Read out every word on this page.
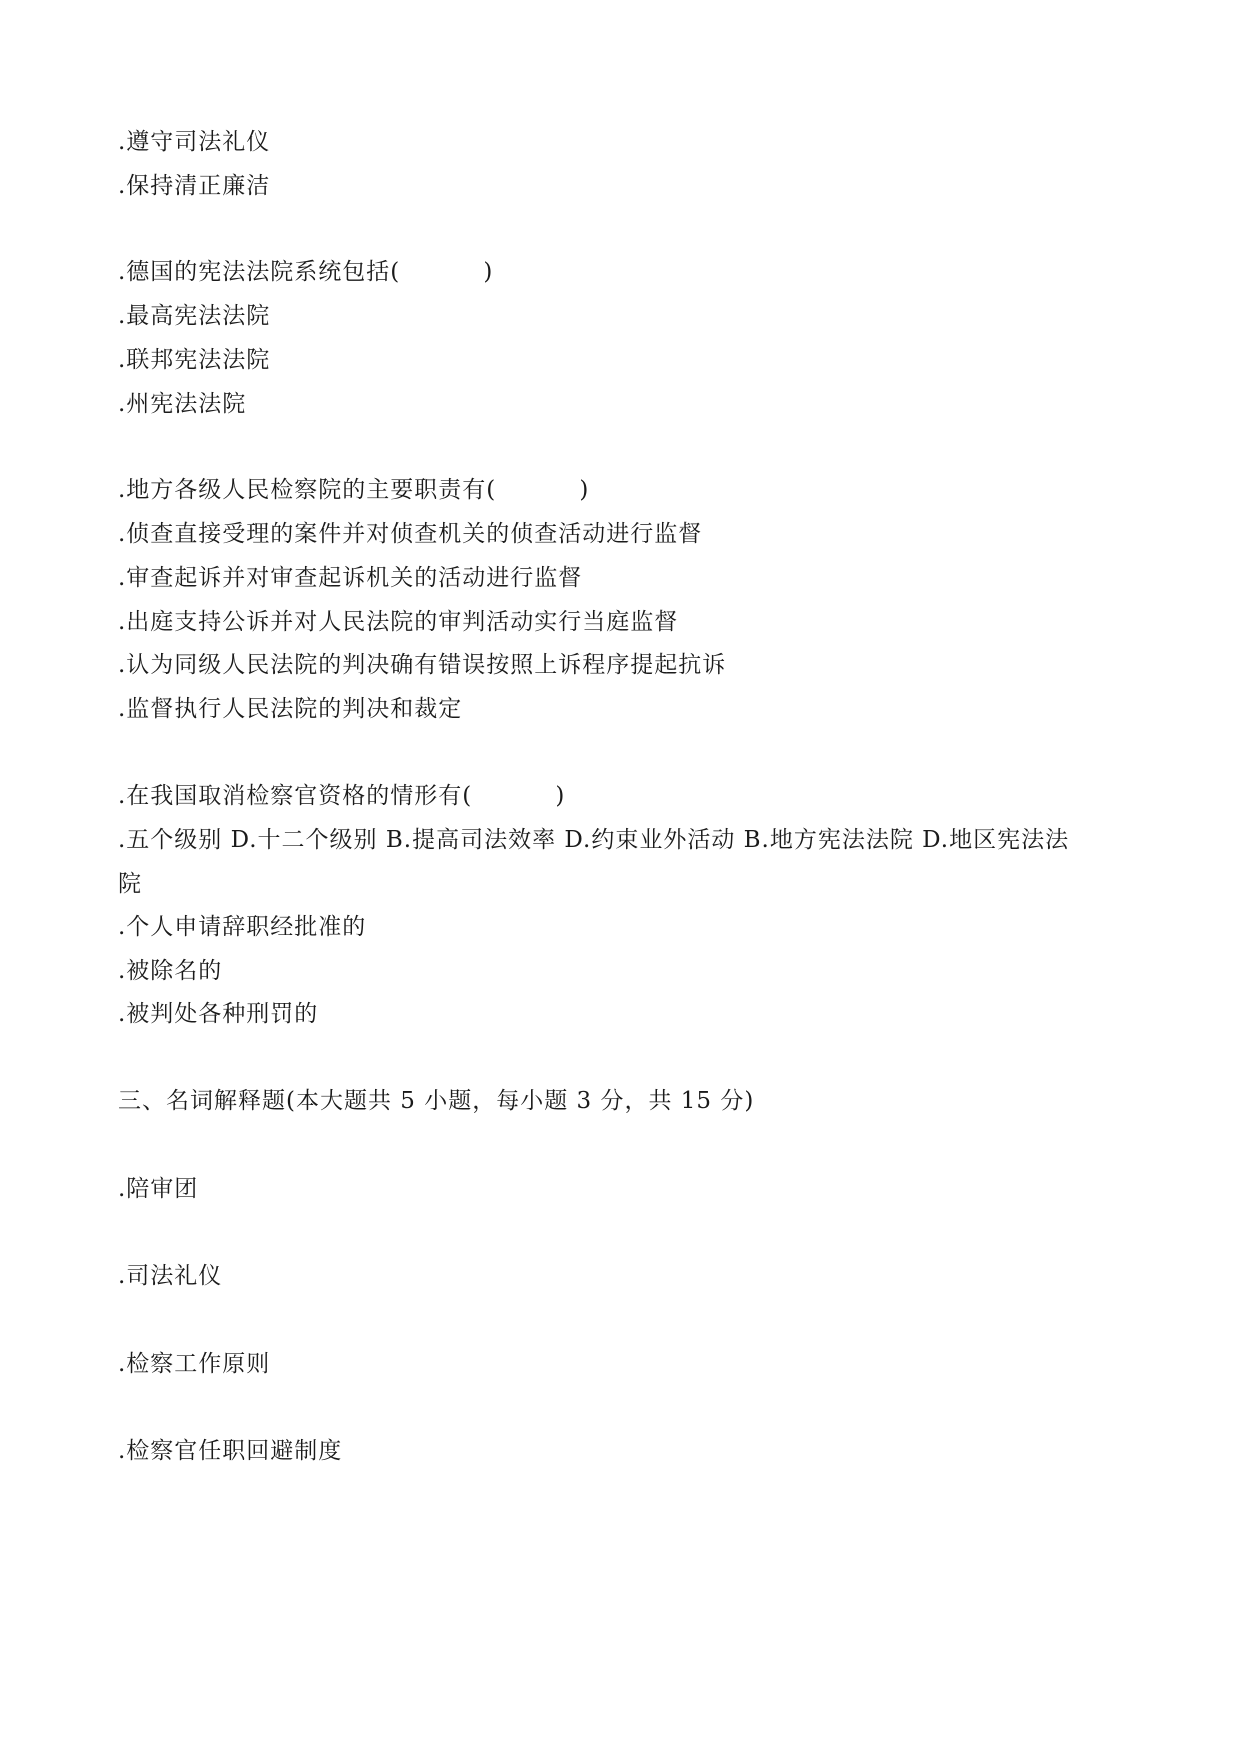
.遵守司法礼仪
.保持清正廉洁
.德国的宪法法院系统包括(          )
.最高宪法法院
.联邦宪法法院
.州宪法法院
.地方各级人民检察院的主要职责有(          )
.侦查直接受理的案件并对侦查机关的侦查活动进行监督
.审查起诉并对审查起诉机关的活动进行监督
.出庭支持公诉并对人民法院的审判活动实行当庭监督
.认为同级人民法院的判决确有错误按照上诉程序提起抗诉
.监督执行人民法院的判决和裁定
.在我国取消检察官资格的情形有(          )
.五个级别 D.十二个级别 B.提高司法效率 D.约束业外活动 B.地方宪法法院 D.地区宪法法
院
.个人申请辞职经批准的
.被除名的
.被判处各种刑罚的
三、名词解释题(本大题共 5 小题，每小题 3 分，共 15 分)
.陪审团
.司法礼仪
.检察工作原则
.检察官任职回避制度
